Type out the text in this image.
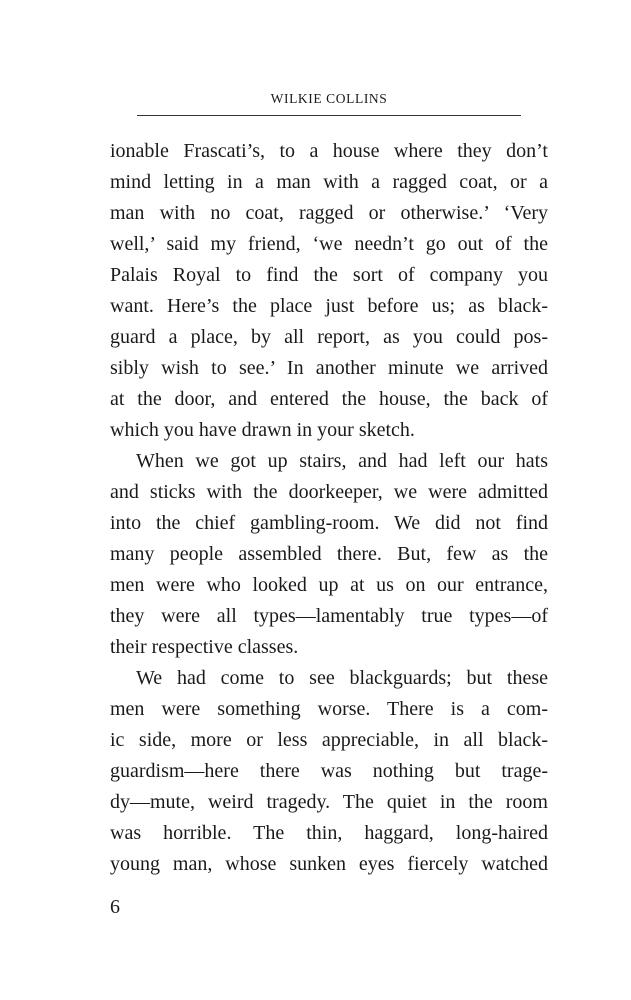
WILKIE COLLINS
ionable Frascati’s, to a house where they don’t
mind letting in a man with a ragged coat, or a
man with no coat, ragged or otherwise.’ ‘Very
well,’ said my friend, ‘we needn’t go out of the
Palais Royal to find the sort of company you
want. Here’s the place just before us; as black-
guard a place, by all report, as you could pos-
sibly wish to see.’ In another minute we arrived
at the door, and entered the house, the back of
which you have drawn in your sketch.
When we got up stairs, and had left our hats
and sticks with the doorkeeper, we were admitted
into the chief gambling-room. We did not find
many people assembled there. But, few as the
men were who looked up at us on our entrance,
they were all types—lamentably true types—of
their respective classes.
We had come to see blackguards; but these
men were something worse. There is a com-
ic side, more or less appreciable, in all black-
guardism—here there was nothing but trage-
dy—mute, weird tragedy. The quiet in the room
was horrible. The thin, haggard, long-haired
young man, whose sunken eyes fiercely watched
6
